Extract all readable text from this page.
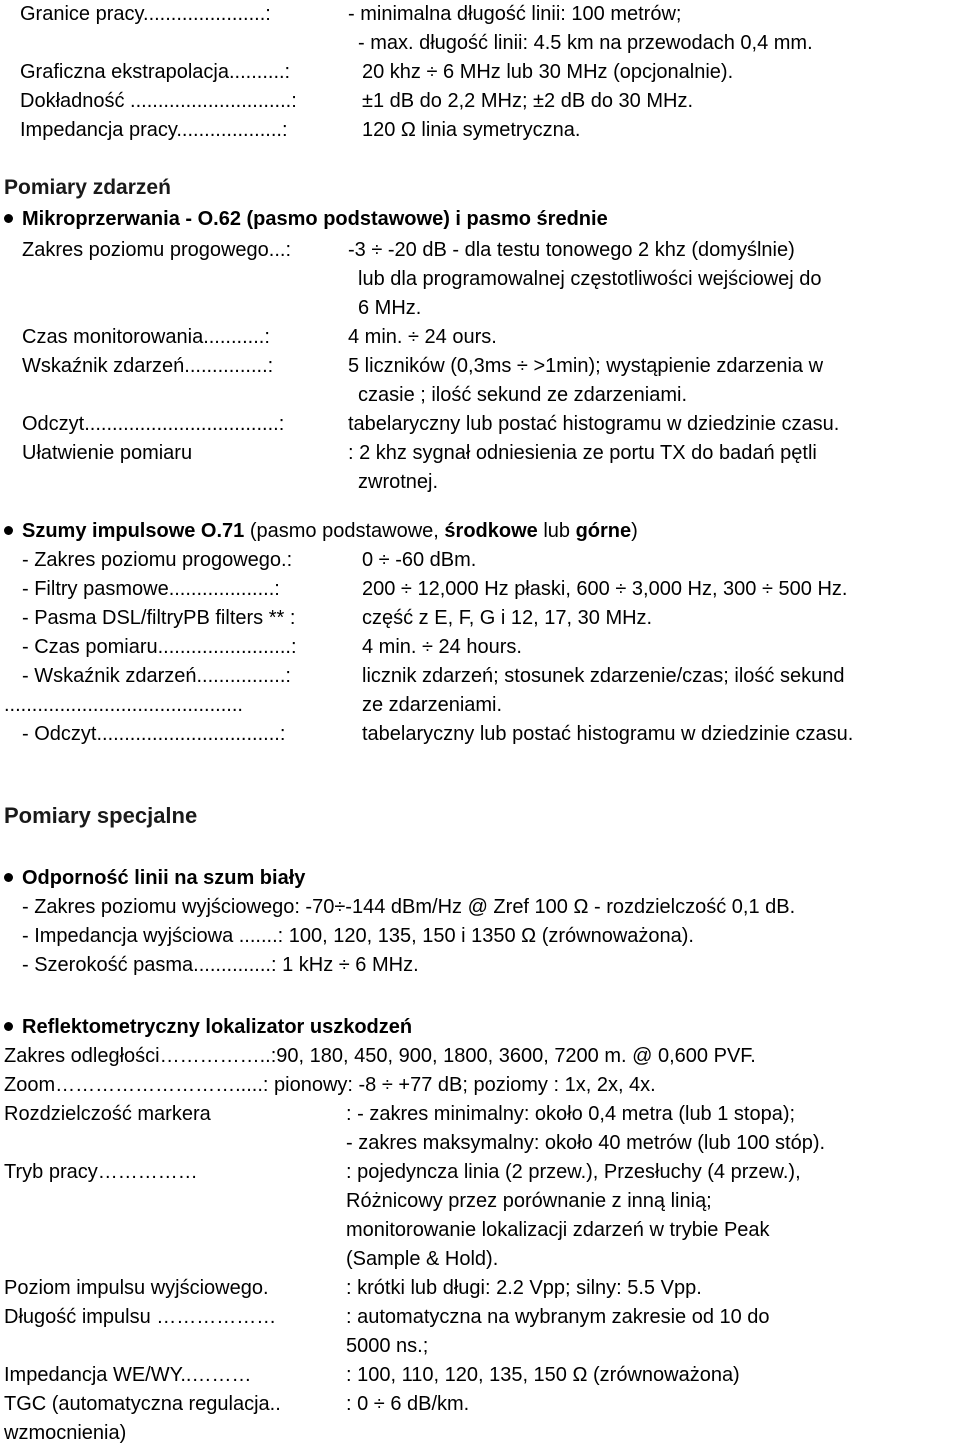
Granice pracy......................:	- minimalna długość linii: 100 metrów;
- max. długość linii: 4.5 km na przewodach 0,4 mm.
Graficzna ekstrapolacja..........:	20 khz ÷ 6 MHz lub 30 MHz (opcjonalnie).
Dokładność .............................:	±1 dB do 2,2 MHz; ±2 dB do 30 MHz.
Impedancja pracy...................:	120 Ω linia symetryczna.
Pomiary zdarzeń
Mikroprzerwania - O.62 (pasmo podstawowe) i pasmo średnie
Zakres poziomu progowego...:	-3 ÷ -20 dB - dla testu tonowego 2 khz (domyślnie)
lub dla programowalnej częstotliwości wejściowej do
6 MHz.
Czas monitorowania...........:	4 min. ÷ 24 ours.
Wskaźnik zdarzeń...............:	5 liczników (0,3ms ÷ >1min); wystąpienie zdarzenia w
czasie ; ilość sekund ze zdarzeniami.
Odczyt...................................:	tabelaryczny lub postać histogramu w dziedzinie czasu.
Ułatwienie pomiaru	: 2 khz sygnał odniesienia ze portu TX do badań pętli
zwrotnej.
Szumy impulsowe O.71 (pasmo podstawowe, środkowe lub górne)
- Zakres poziomu progowego.:	0 ÷ -60 dBm.
- Filtry pasmowe...................:	200 ÷ 12,000 Hz płaski, 600 ÷ 3,000 Hz, 300 ÷ 500 Hz.
- Pasma DSL/filtryPB filters ** :	część z E, F, G i 12, 17, 30 MHz.
- Czas pomiaru........................:	4 min. ÷ 24 hours.
- Wskaźnik zdarzeń................:	licznik zdarzeń; stosunek zdarzenie/czas; ilość sekund
...........................................	ze zdarzeniami.
- Odczyt.................................:	tabelaryczny lub postać histogramu w dziedzinie czasu.
Pomiary specjalne
Odporność linii na szum biały
- Zakres poziomu wyjściowego: -70÷-144 dBm/Hz @ Zref 100 Ω - rozdzielczość 0,1 dB.
- Impedancja wyjściowa .......: 100, 120, 135, 150 i 1350 Ω (zrównoważona).
- Szerokość pasma..............: 1 kHz ÷ 6 MHz.
Reflektometryczny lokalizator uszkodzeń
Zakres odległości……………..:90, 180, 450, 900, 1800, 3600, 7200 m. @ 0,600 PVF.
Zoom……………………….....: pionowy: -8 ÷ +77 dB; poziomy : 1x, 2x, 4x.
Rozdzielczość markera	: - zakres minimalny: około 0,4 metra (lub 1 stopa);
- zakres maksymalny: około 40 metrów (lub 100 stóp).
Tryb pracy……………	: pojedyncza linia (2 przew.), Przesłuchy (4 przew.),
Różnicowy przez porównanie z inną linią;
monitorowanie lokalizacji zdarzeń w trybie Peak
(Sample & Hold).
Poziom impulsu wyjściowego.	: krótki lub długi: 2.2 Vpp; silny: 5.5 Vpp.
Długość impulsu ………………	: automatyczna na wybranym zakresie od 10 do
5000 ns.;
Impedancja WE/WY..………	: 100, 110, 120, 135, 150 Ω (zrównoważona)
TGC (automatyczna regulacja..	: 0 ÷ 6 dB/km.
wzmocnienia)
